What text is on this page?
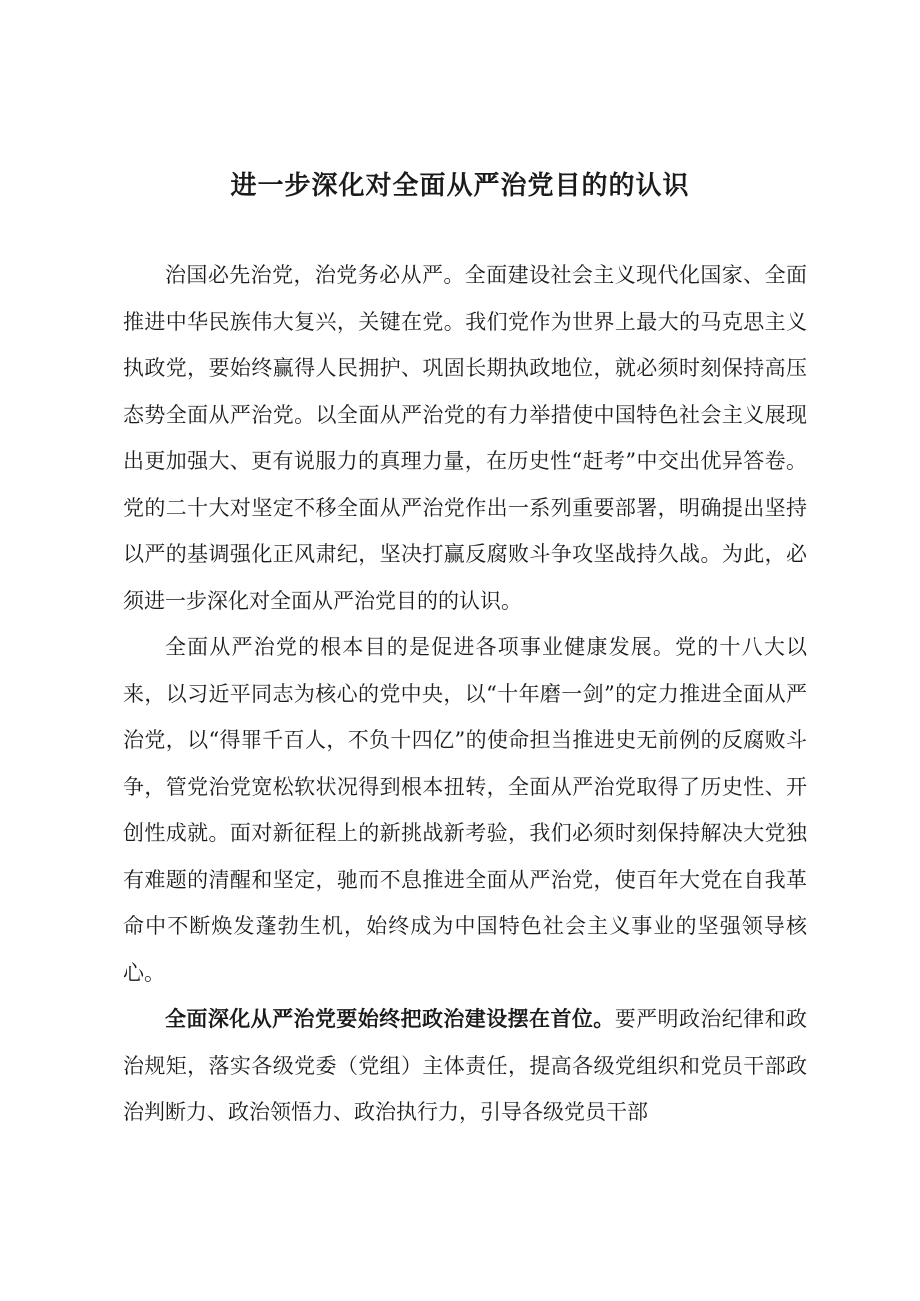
进一步深化对全面从严治党目的的认识

治国必先治党，治党务必从严。全面建设社会主义现代化国家、全面推进中华民族伟大复兴，关键在党。我们党作为世界上最大的马克思主义执政党，要始终赢得人民拥护、巩固长期执政地位，就必须时刻保持高压态势全面从严治党。以全面从严治党的有力举措使中国特色社会主义展现出更加强大、更有说服力的真理力量，在历史性“赶考”中交出优异答卷。党的二十大对坚定不移全面从严治党作出一系列重要部署，明确提出坚持以严的基调强化正风肃纪，坚决打赢反腐败斗争攻坚战持久战。为此，必须进一步深化对全面从严治党目的的认识。

全面从严治党的根本目的是促进各项事业健康发展。党的十八大以来，以习近平同志为核心的党中央，以“十年磨一剑”的定力推进全面从严治党，以“得罪千百人，不负十四亿”的使命担当推进史无前例的反腐败斗争，管党治党宽松软状况得到根本扭转，全面从严治党取得了历史性、开创性成就。面对新征程上的新挑战新考验，我们必须时刻保持解决大党独有难题的清醒和坚定，驰而不息推进全面从严治党，使百年大党在自我革命中不断焕发蓬勃生机，始终成为中国特色社会主义事业的坚强领导核心。

全面深化从严治党要始终把政治建设摆在首位。要严明政治纪律和政治规矩，落实各级党委（党组）主体责任，提高各级党组织和党员干部政治判断力、政治领悟力、政治执行力，引导各级党员干部
